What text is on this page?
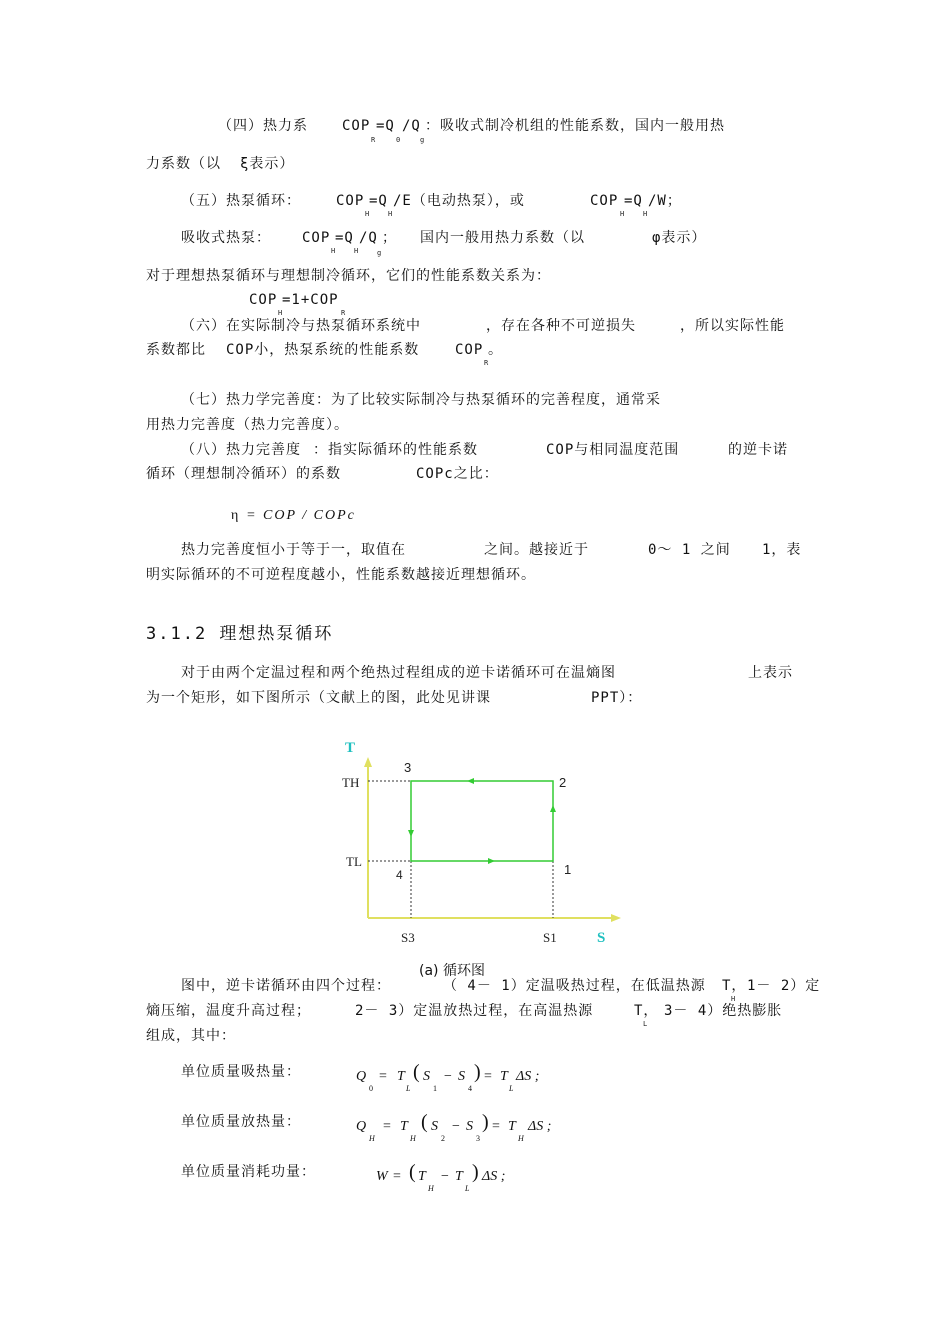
（四）热力系 COP
R
=Q
0
/Q
g
：吸收式制冷机组的性能系数，国内一般用热
力系数（以 ξ表示）
（五）热泵循环：	COP
H
=Q
H
/E（电动热泵），或	COP
H
=Q
H
/W；
吸收式热泵： COP
H
=Q
H
/Q
g
； 国内一般用热力系数（以	φ表示）
对于理想热泵循环与理想制冷循环，它们的性能系数关系为：
COP
H
=1+COP
R
（六）在实际制冷与热泵循环系统中	，存在各种不可逆损失	，所以实际性能
系数都比 COP小，热泵系统的性能系数	COP
R
。
（七）热力学完善度：为了比较实际制冷与热泵循环的完善程度，通常采
用热力完善度（热力完善度）。
（八）热力完善度 ：指实际循环的性能系数	COP与相同温度范围	的逆卡诺
循环（理想制冷循环）的系数	COPc之比：
η = COP / COPc
热力完善度恒小于等于一，取值在	之间。越接近于	0～ 1 之间 1，表
明实际循环的不可逆程度越小，性能系数越接近理想循环。
3.1.2 理想热泵循环
对于由两个定温过程和两个绝热过程组成的逆卡诺循环可在温熵图	上表示
为一个矩形，如下图所示（文献上的图，此处见讲课	PPT）：
T
S
TH
TL
S3	S1
3
2
4	1
(a) 循环图
图中，逆卡诺循环由四个过程：	（ 4－ 1）定温吸热过程，在低温热源 T，
H
1－ 2）定
熵压缩，温度升高过程；	2－ 3）定温放热过程，在高温热源	T，
L
3－ 4）绝热膨胀
组成，其中：
单位质量吸热量：	Q
0
= T
L
( S
1
− S
4
) = T
L
ΔS ;
单位质量放热量：	Q
H
= T
H
( S
2
− S
3
) = T
H
ΔS ;
单位质量消耗功量：	W = ( T
H
− T
L
) ΔS ;
